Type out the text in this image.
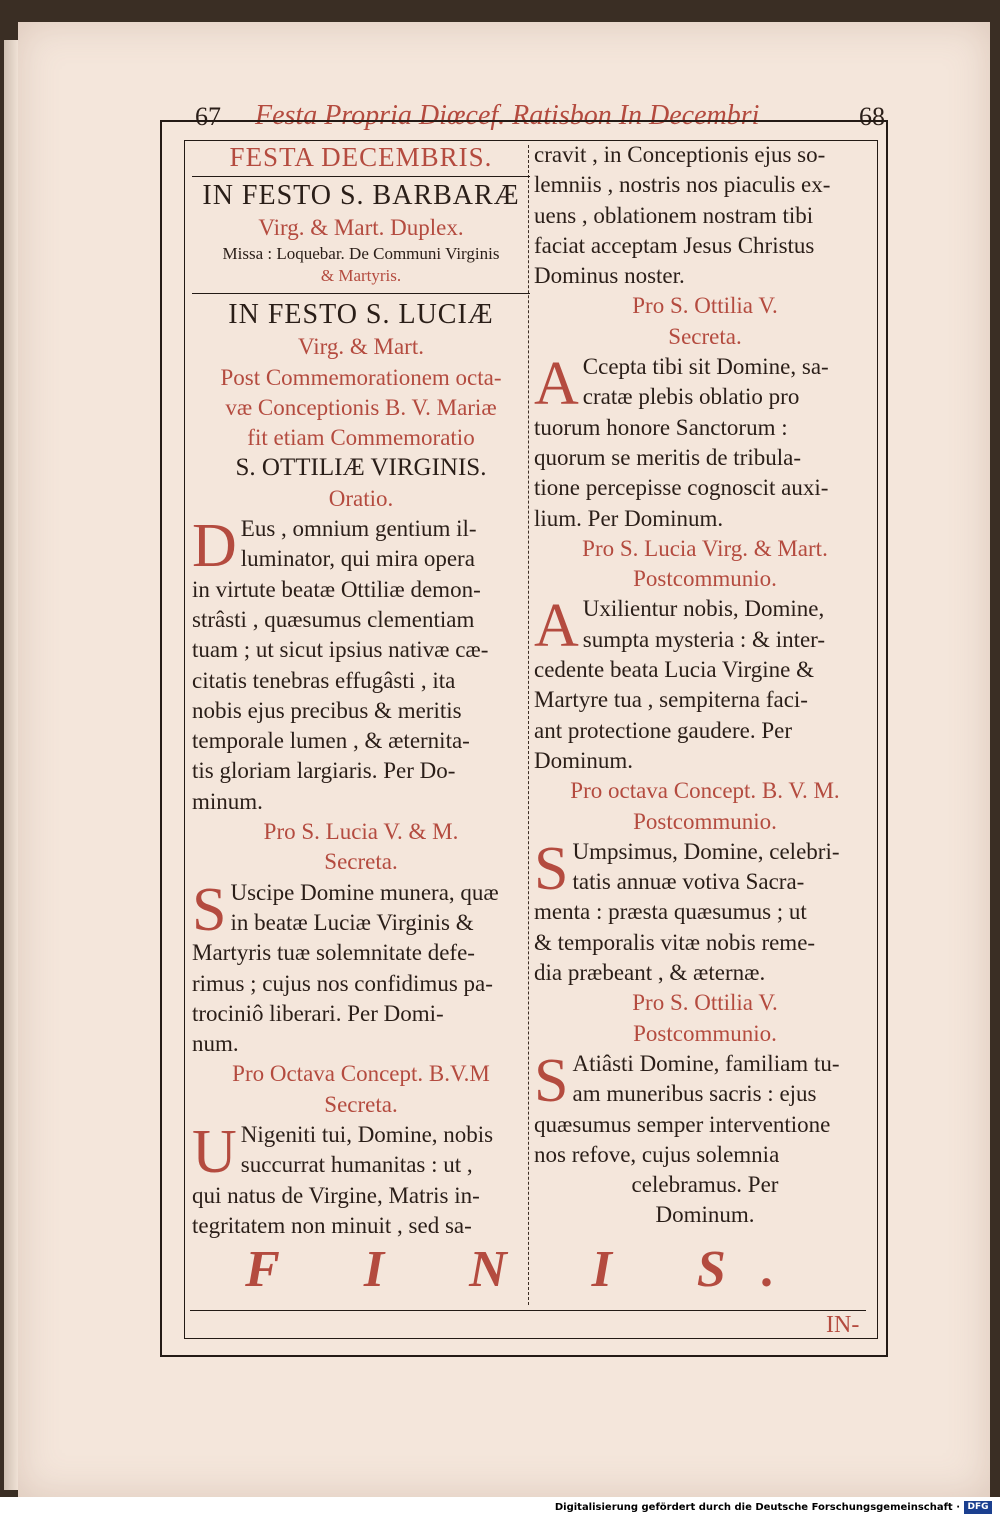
67 Festa Propria Diœcef. Ratisbon In Decembri	68
FESTA DECEMBRIS.
IN FESTO S. BARBARÆ
Virg. & Mart. Duplex.
Missa : Loquebar. De Communi Virginis
& Martyris.
IN FESTO S. LUCIÆ
Virg. & Mart.
Post Commemorationem octa-
væ Conceptionis B. V. Mariæ
fit etiam Commemoratio
S. OTTILIÆ VIRGINIS.
Oratio.
D Eus , omnium gentium il-
luminator, qui mira opera
in virtute beatæ Ottiliæ demon-
strâsti , quæsumus clementiam
tuam ; ut sicut ipsius nativæ cæ-
citatis tenebras effugâsti , ita
nobis ejus precibus & meritis
temporale lumen , & æternita-
tis gloriam largiaris. Per Do-
minum.
Pro S. Lucia V. & M.
Secreta.
S Uscipe Domine munera, quæ
in beatæ Luciæ Virginis &
Martyris tuæ solemnitate defe-
rimus ; cujus nos confidimus pa-
trociniô liberari. Per Domi-
num.
Pro Octava Concept. B.V.M
Secreta.
U Nigeniti tui, Domine, nobis
succurrat humanitas : ut ,
qui natus de Virgine, Matris in-
tegritatem non minuit , sed sa-
cravit , in Conceptionis ejus so-
lemniis , nostris nos piaculis ex-
uens , oblationem nostram tibi
faciat acceptam Jesus Christus
Dominus noster.
Pro S. Ottilia V.
Secreta.
A Ccepta tibi sit Domine, sa-
cratæ plebis oblatio pro
tuorum honore Sanctorum :
quorum se meritis de tribula-
tione percepisse cognoscit auxi-
lium. Per Dominum.
Pro S. Lucia Virg. & Mart.
Postcommunio.
A Uxilientur nobis, Domine,
sumpta mysteria : & inter-
cedente beata Lucia Virgine &
Martyre tua , sempiterna faci-
ant protectione gaudere. Per
Dominum.
Pro octava Concept. B. V. M.
Postcommunio.
S Umpsimus, Domine, celebri-
tatis annuæ votiva Sacra-
menta : præsta quæsumus ; ut
& temporalis vitæ nobis reme-
dia præbeant , & æternæ.
Pro S. Ottilia V.
Postcommunio.
S Atiâsti Domine, familiam tu-
am muneribus sacris : ejus
quæsumus semper interventione
nos refove, cujus solemnia
celebramus. Per
Dominum.
F I N I S.
IN-
Digitalisierung gefördert durch die Deutsche Forschungsgemeinschaft · DFG
